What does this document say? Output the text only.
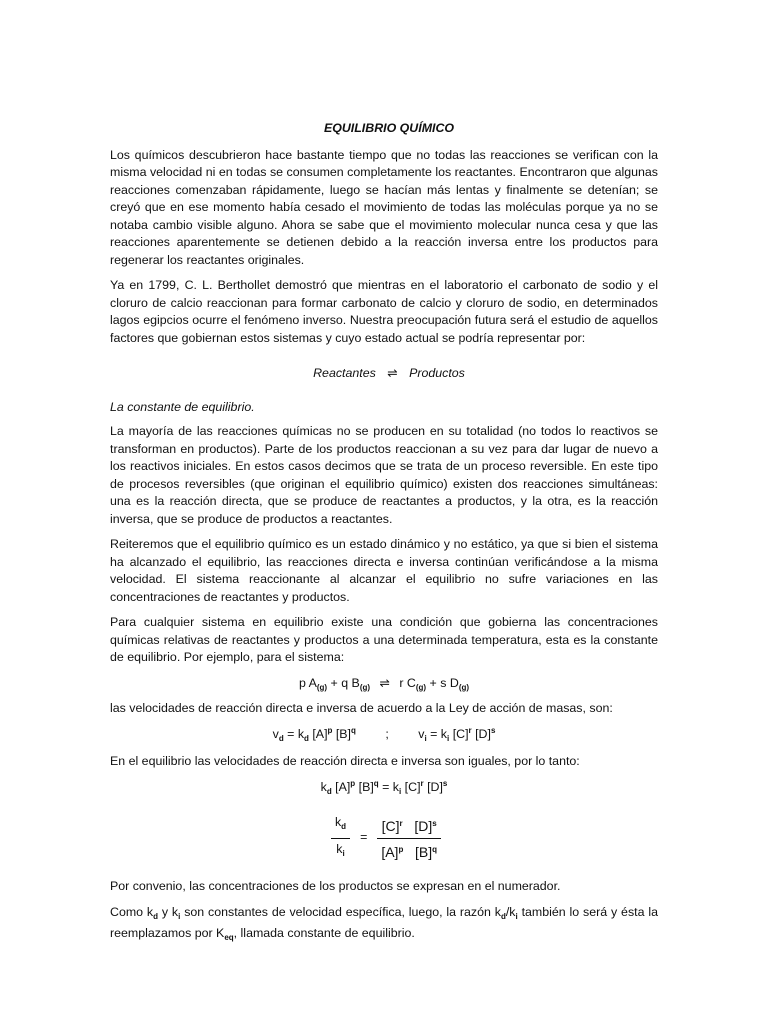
EQUILIBRIO QUÍMICO

Los químicos descubrieron hace bastante tiempo que no todas las reacciones se verifican con la misma velocidad ni en todas se consumen completamente los reactantes. Encontraron que algunas reacciones comenzaban rápidamente, luego se hacían más lentas y finalmente se detenían; se creyó que en ese momento había cesado el movimiento de todas las moléculas porque ya no se notaba cambio visible alguno. Ahora se sabe que el movimiento molecular nunca cesa y que las reacciones aparentemente se detienen debido a la reacción inversa entre los productos para regenerar los reactantes originales.

Ya en 1799, C. L. Berthollet demostró que mientras en el laboratorio el carbonato de sodio y el cloruro de calcio reaccionan para formar carbonato de calcio y cloruro de sodio, en determinados lagos egipcios ocurre el fenómeno inverso. Nuestra preocupación futura será el estudio de aquellos factores que gobiernan estos sistemas y cuyo estado actual se podría representar por:

Reactantes ⇌ Productos
La constante de equilibrio.

La mayoría de las reacciones químicas no se producen en su totalidad (no todos lo reactivos se transforman en productos). Parte de los productos reaccionan a su vez para dar lugar de nuevo a los reactivos iniciales. En estos casos decimos que se trata de un proceso reversible. En este tipo de procesos reversibles (que originan el equilibrio químico) existen dos reacciones simultáneas: una es la reacción directa, que se produce de reactantes a productos, y la otra, es la reacción inversa, que se produce de productos a reactantes.

Reiteremos que el equilibrio químico es un estado dinámico y no estático, ya que si bien el sistema ha alcanzado el equilibrio, las reacciones directa e inversa continúan verificándose a la misma velocidad. El sistema reaccionante al alcanzar el equilibrio no sufre variaciones en las concentraciones de reactantes y productos.

Para cualquier sistema en equilibrio existe una condición que gobierna las concentraciones químicas relativas de reactantes y productos a una determinada temperatura, esta es la constante de equilibrio. Por ejemplo, para el sistema:

p $A_{(g)} + q$ $B_{(g)}$ ⇌ r $C_{(g)} + s$ $D_{(g)}$

las velocidades de reacción directa e inversa de acuerdo a la Ley de acción de masas, son:

$v_d = k_d$ $[A]^p$ $[B]^q$ ; $v_i = k_i$ $[C]^r$ $[D]^s$

En el equilibrio las velocidades de reacción directa e inversa son iguales, por lo tanto:

$k_d$ $[A]^p$ $[B]^q = k_i$ $[C]^r$ $[D]^s$
$\frac{k_d}{k_i} = \frac{[C]^r [D]^s}{[A]^p [B]^q}$

Por convenio, las concentraciones de los productos se expresan en el numerador.

Como $k_d$ y $k_i$ son constantes de velocidad específica, luego, la razón $k_d/k_i$ también lo será y ésta la reemplazamos por $K_{eq}$, llamada constante de equilibrio.
